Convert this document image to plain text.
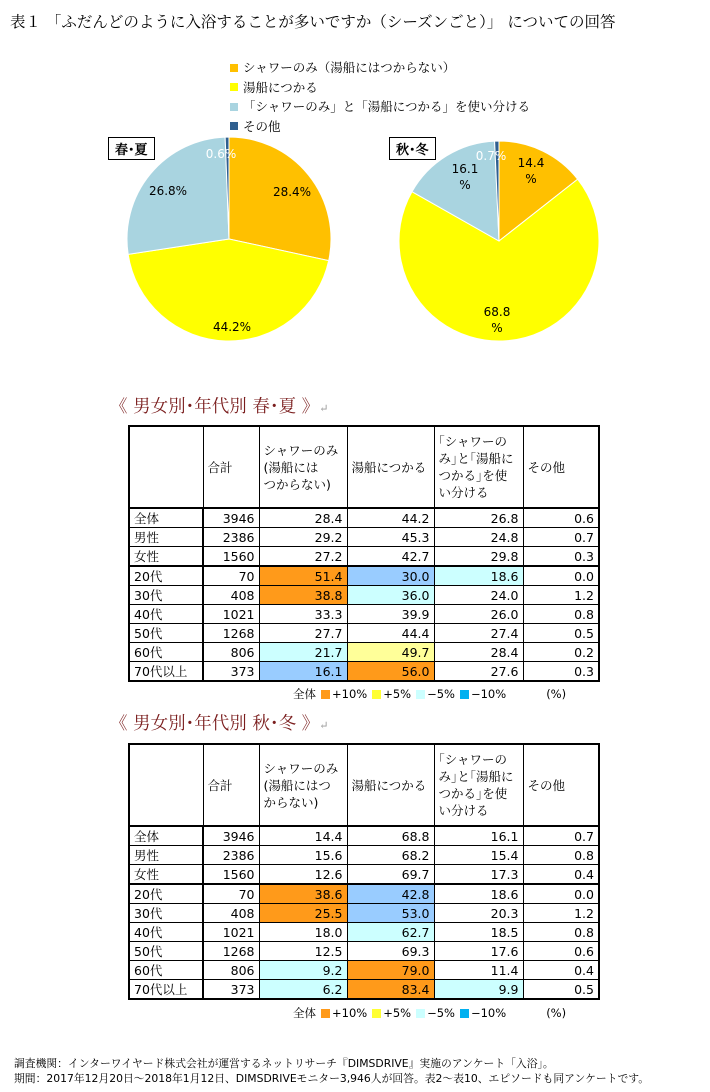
表１ 「ふだんどのように入浴することが多いですか（シーズンごと）」 についての回答
シャワーのみ（湯船にはつからない）
湯船につかる
「シャワーのみ」と「湯船につかる」を使い分ける
その他
28.4%
44.2%
26.8%
0.6%
14.4 %
68.8 %
16.1 %
0.7%
春･夏	秋･冬
《 男女別･年代別 春･夏 》↵
	合計	シャワーのみ
(湯船には
つからない)	湯船につかる	｢シャワーの
み｣と｢湯船に
つかる｣を使
い分ける	その他
全体	3946	28.4	44.2	26.8	0.6
男性	2386	29.2	45.3	24.8	0.7
女性	1560	27.2	42.7	29.8	0.3
20代	70	51.4	30.0	18.6	0.0
30代	408	38.8	36.0	24.0	1.2
40代	1021	33.3	39.9	26.0	0.8
50代	1268	27.7	44.4	27.4	0.5
60代	806	21.7	49.7	28.4	0.2
70代以上	373	16.1	56.0	27.6	0.3
全体 +10% +5% −5% −10%	(%)
《 男女別･年代別 秋･冬 》↵
	合計	シャワーのみ
(湯船にはつ
からない)	湯船につかる	｢シャワーの
み｣と｢湯船に
つかる｣を使
い分ける	その他
全体	3946	14.4	68.8	16.1	0.7
男性	2386	15.6	68.2	15.4	0.8
女性	1560	12.6	69.7	17.3	0.4
20代	70	38.6	42.8	18.6	0.0
30代	408	25.5	53.0	20.3	1.2
40代	1021	18.0	62.7	18.5	0.8
50代	1268	12.5	69.3	17.6	0.6
60代	806	9.2	79.0	11.4	0.4
70代以上	373	6.2	83.4	9.9	0.5
全体 +10% +5% −5% −10%	(%)
調査機関：インターワイヤード株式会社が運営するネットリサーチ『DIMSDRIVE』実施のアンケート「入浴」。
期間：2017年12月20日～2018年1月12日、DIMSDRIVEモニター3,946人が回答。表2～表10、エピソードも同アンケートです。
